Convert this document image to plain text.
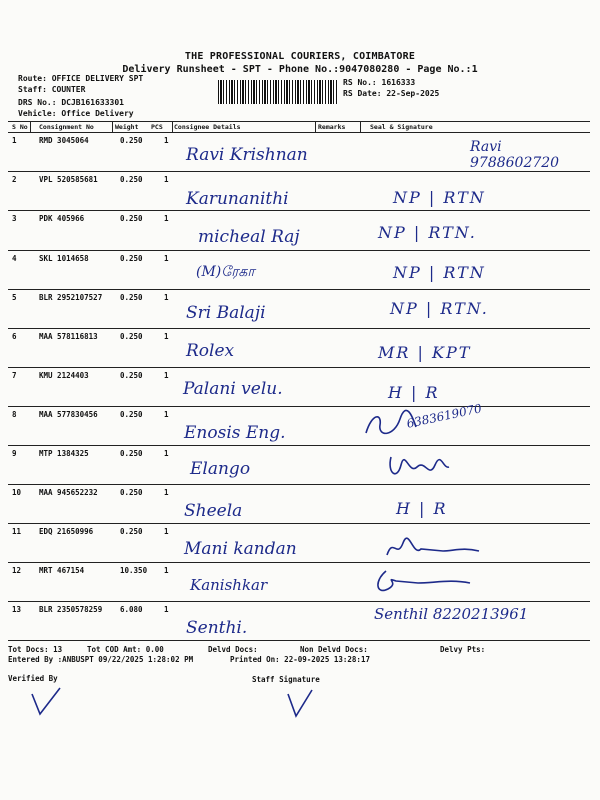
THE PROFESSIONAL COURIERS, COIMBATORE
Delivery Runsheet - SPT - Phone No.:9047080280 - Page No.:1
Route: OFFICE DELIVERY SPT
Staff: COUNTER
DRS No.: DCJB161633301
Vehicle: Office Delivery
RS No.: 1616333
RS Date: 22-Sep-2025
S No Consignment No	Weight PCS Consignee Details	Remarks	Seal & Signature
1	RMD 3045064	0.250	1
Ravi Krishnan	Ravi 9788602720
2	VPL 520585681	0.250	1
Karunanithi	NP | RTN
3	PDK 405966	0.250	1
micheal Raj	NP | RTN.
4	SKL 1014658	0.250	1
(M)ரேகா	NP | RTN
5	BLR 2952107527 0.250	1
Sri Balaji	NP | RTN.
6	MAA 578116813	0.250	1
Rolex	MR | KPT
7	KMU 2124403	0.250	1
Palani velu.	H | R
8	MAA 577830456	0.250	1
Enosis Eng.
6383619070
9	MTP 1384325	0.250	1
Elango
10 MAA 945652232	0.250	1
Sheela	H | R
11 EDQ 21650996	0.250	1
Mani kandan
12 MRT 467154	10.350 1
Kanishkar
13 BLR 2350578259 6.080	1
Senthi.
Senthil 8220213961
Tot Docs: 13	Tot COD Amt: 0.00	Delvd Docs:	Non Delvd Docs:	Delvy Pts:
Entered By :ANBUSPT 09/22/2025 1:28:02 PM	Printed On: 22-09-2025 13:28:17
Verified By	Staff Signature
